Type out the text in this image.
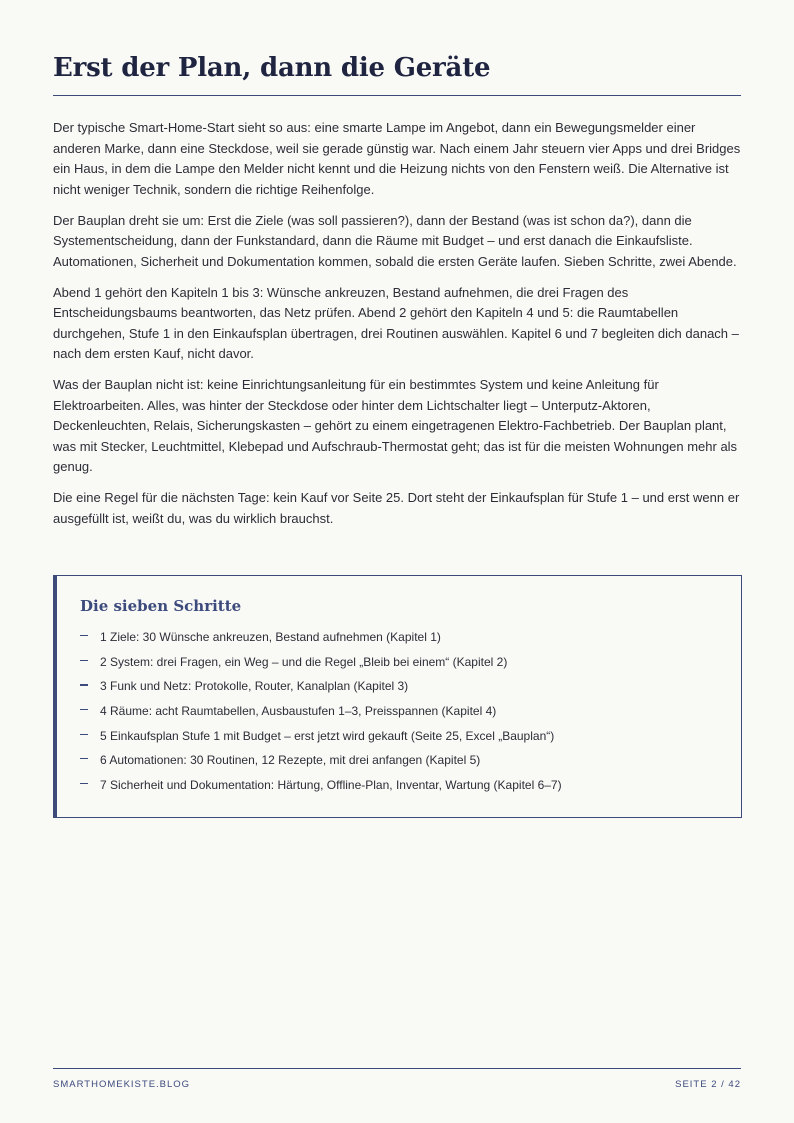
Erst der Plan, dann die Geräte

Der typische Smart-Home-Start sieht so aus: eine smarte Lampe im Angebot, dann ein Bewegungsmelder einer anderen Marke, dann eine Steckdose, weil sie gerade günstig war. Nach einem Jahr steuern vier Apps und drei Bridges ein Haus, in dem die Lampe den Melder nicht kennt und die Heizung nichts von den Fenstern weiß. Die Alternative ist nicht weniger Technik, sondern die richtige Reihenfolge.

Der Bauplan dreht sie um: Erst die Ziele (was soll passieren?), dann der Bestand (was ist schon da?), dann die Systementscheidung, dann der Funkstandard, dann die Räume mit Budget – und erst danach die Einkaufsliste. Automationen, Sicherheit und Dokumentation kommen, sobald die ersten Geräte laufen. Sieben Schritte, zwei Abende.

Abend 1 gehört den Kapiteln 1 bis 3: Wünsche ankreuzen, Bestand aufnehmen, die drei Fragen des Entscheidungsbaums beantworten, das Netz prüfen. Abend 2 gehört den Kapiteln 4 und 5: die Raumtabellen durchgehen, Stufe 1 in den Einkaufsplan übertragen, drei Routinen auswählen. Kapitel 6 und 7 begleiten dich danach – nach dem ersten Kauf, nicht davor.

Was der Bauplan nicht ist: keine Einrichtungsanleitung für ein bestimmtes System und keine Anleitung für Elektroarbeiten. Alles, was hinter der Steckdose oder hinter dem Lichtschalter liegt – Unterputz-Aktoren, Deckenleuchten, Relais, Sicherungskasten – gehört zu einem eingetragenen Elektro-Fachbetrieb. Der Bauplan plant, was mit Stecker, Leuchtmittel, Klebepad und Aufschraub-Thermostat geht; das ist für die meisten Wohnungen mehr als genug.

Die eine Regel für die nächsten Tage: kein Kauf vor Seite 25. Dort steht der Einkaufsplan für Stufe 1 – und erst wenn er ausgefüllt ist, weißt du, was du wirklich brauchst.

Die sieben Schritte
1 Ziele: 30 Wünsche ankreuzen, Bestand aufnehmen (Kapitel 1)
2 System: drei Fragen, ein Weg – und die Regel „Bleib bei einem“ (Kapitel 2)
3 Funk und Netz: Protokolle, Router, Kanalplan (Kapitel 3)
4 Räume: acht Raumtabellen, Ausbaustufen 1–3, Preisspannen (Kapitel 4)
5 Einkaufsplan Stufe 1 mit Budget – erst jetzt wird gekauft (Seite 25, Excel „Bauplan“)
6 Automationen: 30 Routinen, 12 Rezepte, mit drei anfangen (Kapitel 5)
7 Sicherheit und Dokumentation: Härtung, Offline-Plan, Inventar, Wartung (Kapitel 6–7)
SMARTHOMEKISTE.BLOG	SEITE 2 / 42
